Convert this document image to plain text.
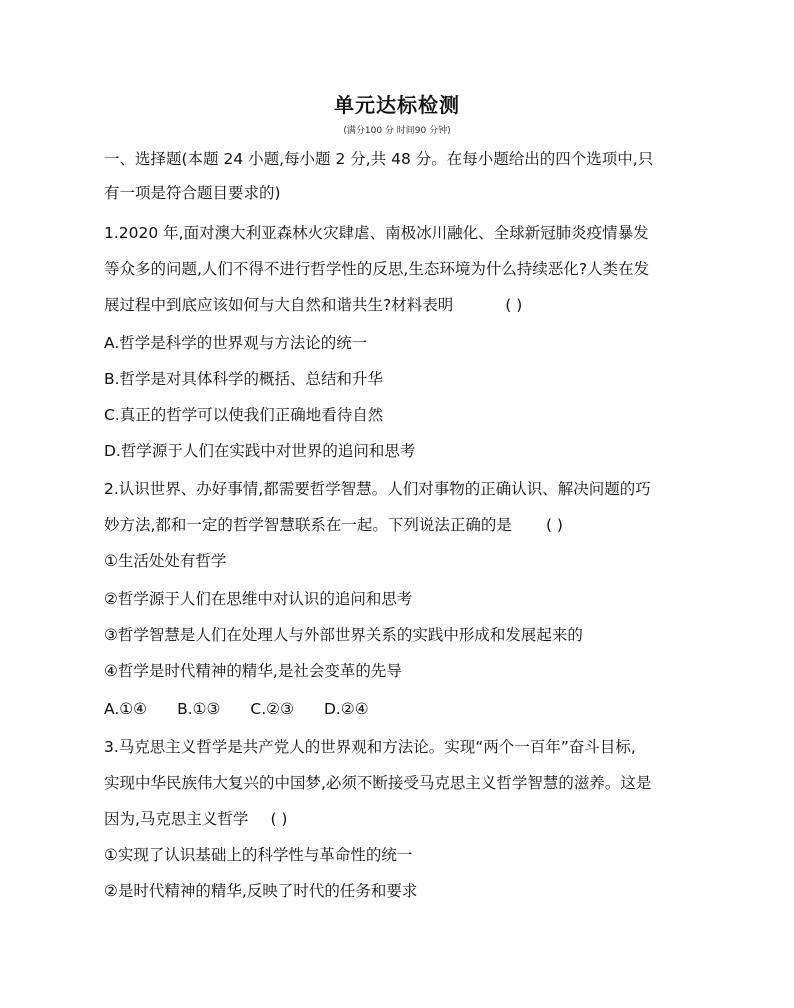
单元达标检测
(满分100 分 时间90 分钟)
一、选择题(本题 24 小题,每小题 2 分,共 48 分。在每小题给出的四个选项中,只
有一项是符合题目要求的)
1.2020 年,面对澳大利亚森林火灾肆虐、南极冰川融化、全球新冠肺炎疫情暴发
等众多的问题,人们不得不进行哲学性的反思,生态环境为什么持续恶化?人类在发
展过程中到底应该如何与大自然和谐共生?材料表明	( )
A.哲学是科学的世界观与方法论的统一
B.哲学是对具体科学的概括、总结和升华
C.真正的哲学可以使我们正确地看待自然
D.哲学源于人们在实践中对世界的追问和思考
2.认识世界、办好事情,都需要哲学智慧。人们对事物的正确认识、解决问题的巧
妙方法,都和一定的哲学智慧联系在一起。下列说法正确的是 ( )
①生活处处有哲学
②哲学源于人们在思维中对认识的追问和思考
③哲学智慧是人们在处理人与外部世界关系的实践中形成和发展起来的
④哲学是时代精神的精华,是社会变革的先导
A.①④ B.①③ C.②③ D.②④
3.马克思主义哲学是共产党人的世界观和方法论。实现“两个一百年”奋斗目标,
实现中华民族伟大复兴的中国梦,必须不断接受马克思主义哲学智慧的滋养。这是
因为,马克思主义哲学 ( )
①实现了认识基础上的科学性与革命性的统一
②是时代精神的精华,反映了时代的任务和要求
